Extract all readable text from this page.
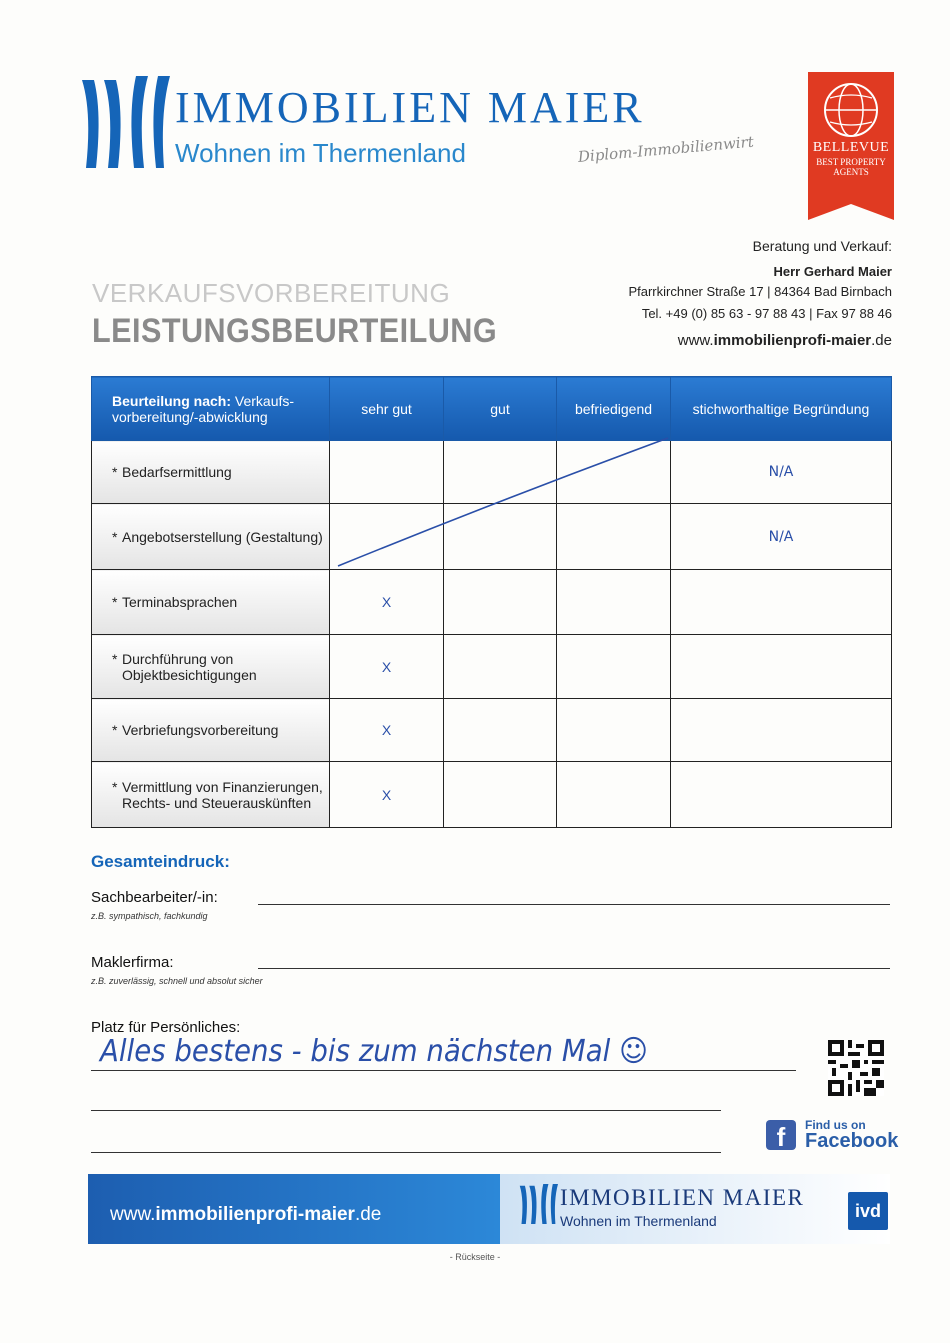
IMMOBILIEN MAIER
Wohnen im Thermenland	Diplom-Immobilienwirt	BELLEVUE
BEST PROPERTY AGENTS
Beratung und Verkauf:
Herr Gerhard Maier
Pfarrkirchner Straße 17 | 84364 Bad Birnbach
Tel. +49 (0) 85 63 - 97 88 43 | Fax 97 88 46
www.immobilienprofi-maier.de
VERKAUFSVORBEREITUNG
LEISTUNGSBEURTEILUNG
Beurteilung nach: Verkaufs-vorbereitung/-abwicklung	sehr gut	gut	befriedigend	stichworthaltige Begründung

* Bedarfsermittlung				N/A

* Angebotserstellung (Gestaltung)				N/A

* Terminabsprachen	X			

* Durchführung von Objektbesichtigungen	X			

* Verbriefungsvorbereitung	X			

* Vermittlung von Finanzierungen, Rechts- und Steuerauskünften	X			
Gesamteindruck:
Sachbearbeiter/-in:
z.B. sympathisch, fachkundig
Maklerfirma:
z.B. zuverlässig, schnell und absolut sicher
Platz für Persönliches:
Alles bestens - bis zum nächsten Mal ☺
f	Find us on
Facebook
www.immobilienprofi-maier.de
IMMOBILIEN MAIER
Wohnen im Thermenland	ivd
- Rückseite -
